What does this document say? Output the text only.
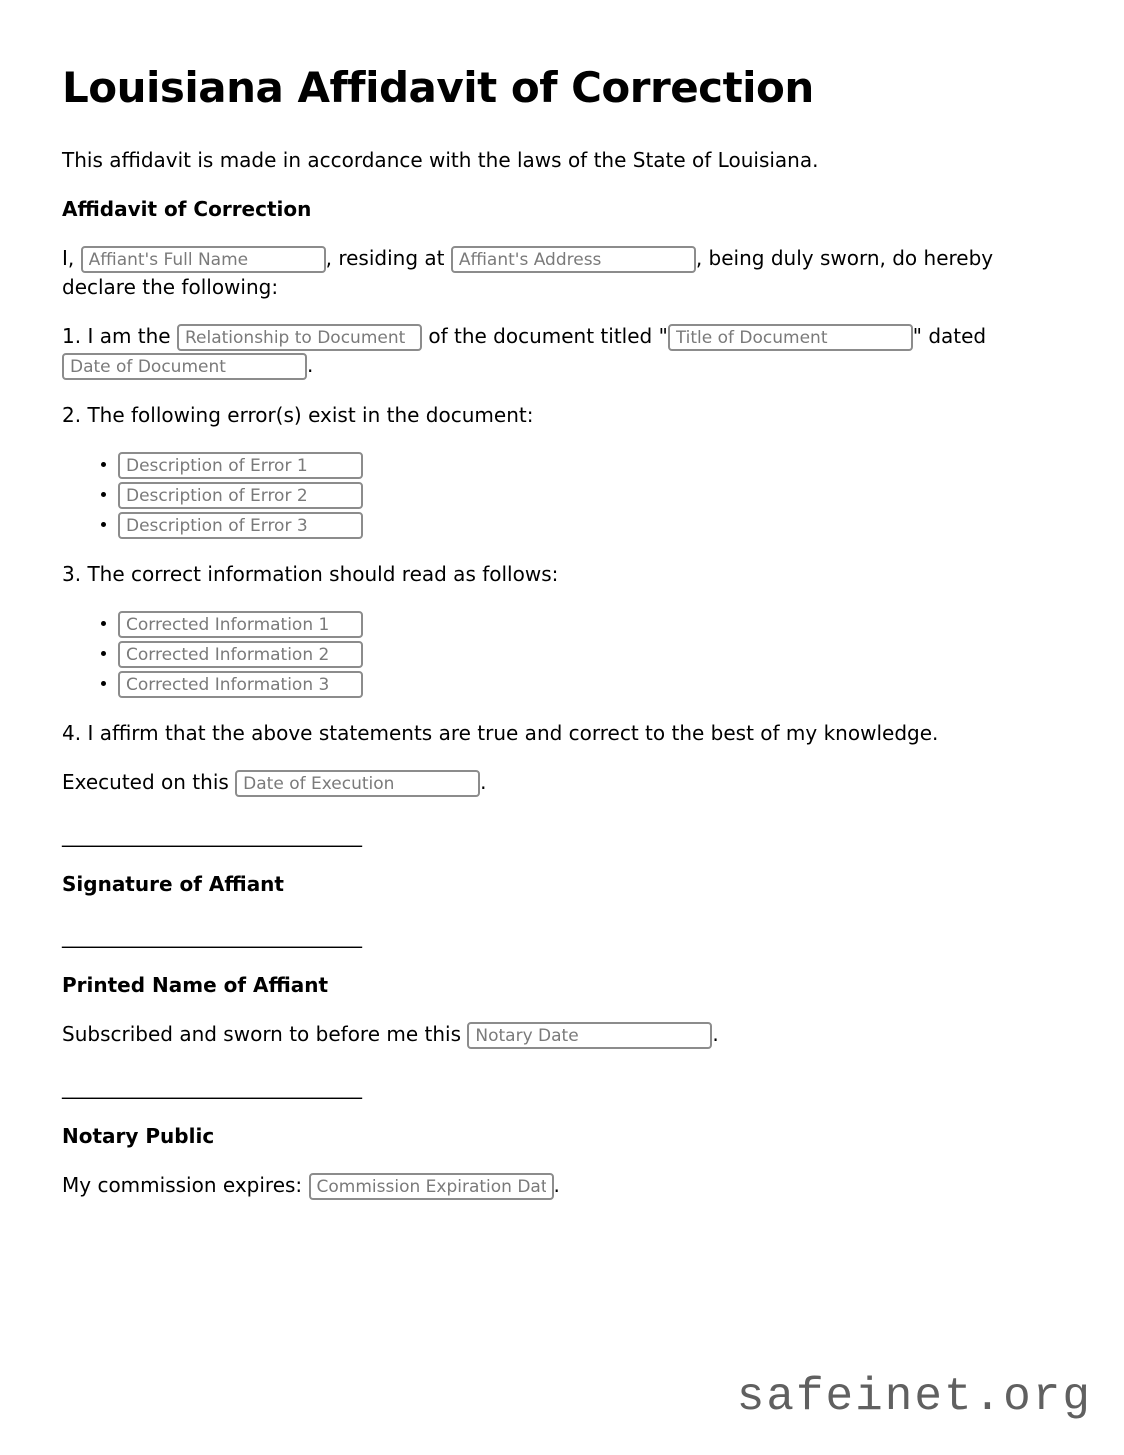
Louisiana Affidavit of Correction

This affidavit is made in accordance with the laws of the State of Louisiana.

Affidavit of Correction

I, Affiant's Full Name	, residing at Affiant's Address	, being duly sworn, do hereby declare the following:

1. I am the Relationship to Document	of the document titled "Title of Document	" dated Date of Document.

2. The following error(s) exist in the document:

• Description of Error 1
• Description of Error 2
• Description of Error 3

3. The correct information should read as follows:

• Corrected Information 1
• Corrected Information 2
• Corrected Information 3

4. I affirm that the above statements are true and correct to the best of my knowledge.

Executed on this Date of Execution	.

______________________________

Signature of Affiant

______________________________

Printed Name of Affiant

Subscribed and sworn to before me this Notary Date	.

______________________________

Notary Public

My commission expires: Commission Expiration Date	.

safeinet.org
